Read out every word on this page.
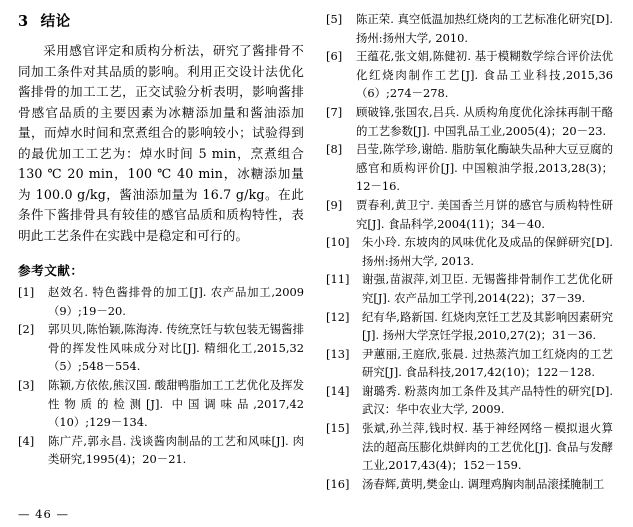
3 结论

采用感官评定和质构分析法，研究了酱排骨不同加工条件对其品质的影响。利用正交设计法优化酱排骨的加工工艺，正交试验分析表明，影响酱排骨感官品质的主要因素为冰糖添加量和酱油添加量，而焯水时间和烹煮组合的影响较小；试验得到的最优加工工艺为：焯水时间 5 min，烹煮组合 130 ℃ 20 min，100 ℃ 40 min，冰糖添加量为 100.0 g/kg，酱油添加量为 16.7 g/kg。在此条件下酱排骨具有较佳的感官品质和质构特性，表明此工艺条件在实践中是稳定和可行的。

参考文献：
[1]	赵效名. 特色酱排骨的加工[J]. 农产品加工,2009（9）;19－20.
[2]	郭贝贝,陈怡颖,陈海涛. 传统烹饪与软包装无锡酱排骨的挥发性风味成分对比[J]. 精细化工,2015,32（5）;548－554.
[3]	陈颖,方依侬,熊汉国. 酸甜鸭脂加工工艺优化及挥发性物质的检测[J]. 中国调味品,2017,42（10）;129－134.
[4]	陈广芹,郭永昌. 浅谈酱肉制品的工艺和风味[J]. 肉类研究,1995(4)；20－21.
[5]	陈正荣. 真空低温加热红烧肉的工艺标准化研究[D]. 扬州:扬州大学, 2010.
[6]	王蕴花,张文娟,陈健初. 基于模糊数学综合评价法优化红烧肉制作工艺[J]. 食品工业科技,2015,36（6）;274－278.
[7]	顾破锋,张国农,吕兵. 从质构角度优化涂抹再制干酪的工艺参数[J]. 中国乳品工业,2005(4)；20－23.
[8]	吕莹,陈学珍,谢皓. 脂肪氧化酶缺失品种大豆豆腐的感官和质构评价[J]. 中国粮油学报,2013,28(3)；12－16.
[9]	贾春利,黄卫宁. 美国香兰月饼的感官与质构特性研究[J]. 食品科学,2004(11)；34－40.
[10]	朱小玲. 东坡肉的风味优化及成品的保鲜研究[D]. 扬州:扬州大学, 2013.
[11]	谢强,苗淑萍,刘卫臣. 无锡酱排骨制作工艺优化研究[J]. 农产品加工学刊,2014(22)；37－39.
[12]	纪有华,路新国. 红烧肉烹饪工艺及其影响因素研究[J]. 扬州大学烹饪学报,2010,27(2)；31－36.
[13]	尹蕙丽,王庭欣,张晨. 过热蒸汽加工红烧肉的工艺研究[J]. 食品科技,2017,42(10)；122－128.
[14]	谢璐秀. 粉蒸肉加工条件及其产品特性的研究[D]. 武汉：华中农业大学, 2009.
[15]	张斌,孙兰萍,钱时权. 基于神经网络－模拟退火算法的超高压膨化烘鲜肉的工艺优化[J]. 食品与发酵工业,2017,43(4)；152－159.
[16]	汤春辉,黄明,樊金山. 调理鸡胸肉制品滚揉腌制工
— 46 —
